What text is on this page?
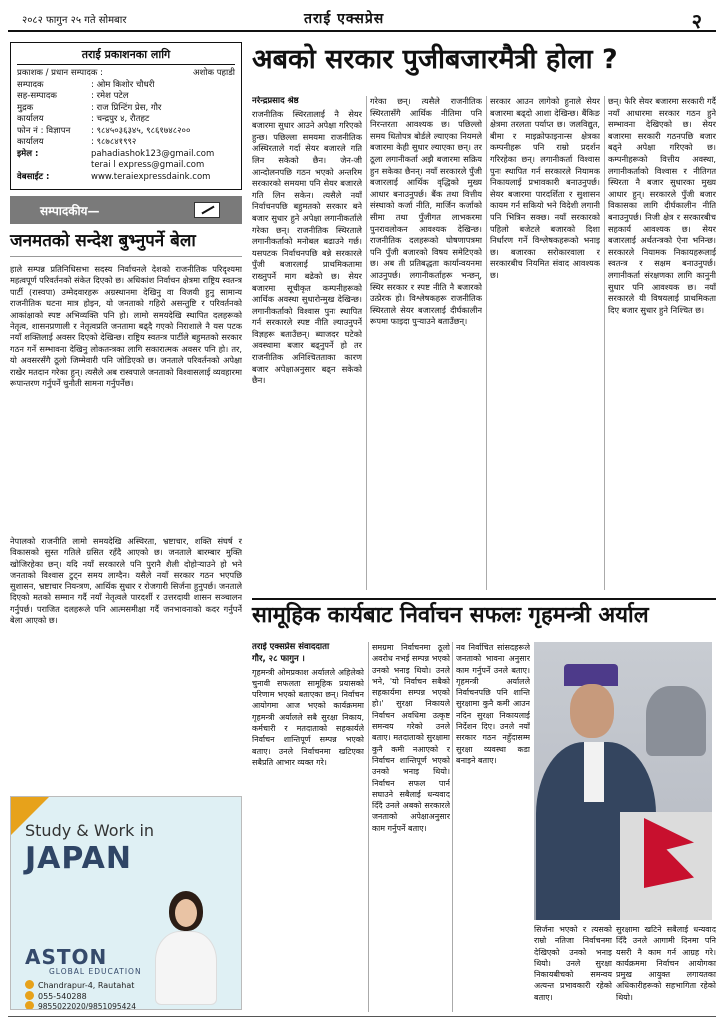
२०८२ फागुन २५ गते सोमबार	तराई एक्सप्रेस	२
तराई प्रकाशनका लागि
प्रकाशक / प्रधान सम्पादक :	अशोक पहाडी
सम्पादक	: ओम किशोर चौधरी
सह-सम्पादक	: रमेश पटेल
मुद्रक	: राज प्रिन्टिंग प्रेस, गौर
कार्यालय	: चन्द्रपुर ४, रौतहट
फोन नं : विज्ञापन	: ९८४५०३६३४५, ९८६१७४८२००
कार्यालय	: ९८७८४१९९२
इमेल :	pahadiashok123@gmail.com
terai l express@gmail.com
वेबसाईट :	www.teraiexpressdaink.com
सम्पादकीय—
जनमतको सन्देश बुभ्नुपर्ने बेला
हाले सम्पन्न प्रतिनिधिसभा सदस्य निर्वाचनले देशको राजनीतिक परिदृश्यमा महत्वपूर्ण परिवर्तनको संकेत दिएको छ। अधिकांश निर्वाचन क्षेत्रमा राष्ट्रिय स्वतन्त्र पार्टी (रास्वपा) उम्मेदवारहरू अग्रस्थानमा देखिनु वा विजयी हुनु सामान्य राजनीतिक घटना मात्र होइन, यो जनताको गहिरो असन्तुष्टि र परिवर्तनको आकांक्षाको स्पष्ट अभिव्यक्ति पनि हो। लामो समयदेखि स्थापित दलहरूको नेतृत्व, शासनप्रणाली र नेतृत्वप्रति जनतामा बढ्दै गएको निराशाले नै यस पटक नयाँ शक्तिलाई अवसर दिएको देखिन्छ। राष्ट्रिय स्वतन्त्र पार्टीले बहुमतको सरकार गठन गर्ने सम्भावना देखिनु लोकतन्त्रका लागि सकारात्मक अवसर पनि हो। तर, यो अवसरसँगै ठूलो जिम्मेवारी पनि जोडिएको छ। जनताले परिवर्तनको अपेक्षा राखेर मतदान गरेका हुन्। त्यसैले अब रास्वपाले जनताको विश्वासलाई व्यवहारमा रूपान्तरण गर्नुपर्ने चुनौती सामना गर्नुपर्नेछ।
नेपालको राजनीति लामो समयदेखि अस्थिरता, भ्रष्टाचार, शक्ति संघर्ष र विकासको सुस्त गतिले ग्रसित रहँदै आएको छ। जनताले बारम्बार मुक्ति खोजिरहेका छन्। यदि नयाँ सरकारले पनि पुरानै शैली दोहोर्‍याउने हो भने जनताको विश्वास टुट्न समय लाग्दैन। यसैले नयाँ सरकार गठन भएपछि सुशासन, भ्रष्टाचार नियन्त्रण, आर्थिक सुधार र रोजगारी सिर्जना हुनुपर्छ। जनताले दिएको मतको सम्मान गर्दै नयाँ नेतृत्वले पारदर्शी र उत्तरदायी शासन सञ्चालन गर्नुपर्छ। पराजित दलहरूले पनि आत्मसमीक्षा गर्दै जनभावनाको कदर गर्नुपर्ने बेला आएको छ।
Study & Work in
JAPAN
ASTON
GLOBAL EDUCATION
Chandrapur-4, Rautahat
055-540288
9855022020/9851095424
अबको सरकार पुजीबजारमैत्री होला ?
नरेन्द्रप्रसाद श्रेष्ठ
राजनीतिक स्थिरतालाई नै सेयर बजारमा सुधार आउने अपेक्षा गरिएको हुन्छ। पछिल्ला समयमा राजनीतिक अस्थिरताले गर्दा सेयर बजारले गति लिन सकेको छैन। जेन-जी आन्दोलनपछि गठन भएको अन्तरिम सरकारको समयमा पनि सेयर बजारले गति लिन सकेन। त्यसैले नयाँ निर्वाचनपछि बहुमतको सरकार बने बजार सुधार हुने अपेक्षा लगानीकर्ताले गरेका छन्। राजनीतिक स्थिरताले लगानीकर्ताको मनोबल बढाउने गर्छ। यसपटक निर्वाचनपछि बन्ने सरकारले पुँजी बजारलाई प्राथमिकतामा राख्नुपर्ने माग बढेको छ। सेयर बजारमा सूचीकृत कम्पनीहरूको आर्थिक अवस्था सुधारोन्मुख देखिन्छ। लगानीकर्ताको विश्वास पुनः स्थापित गर्न सरकारले स्पष्ट नीति ल्याउनुपर्ने विज्ञहरू बताउँछन्। ब्याजदर घटेको अवस्थामा बजार बढ्नुपर्ने हो तर राजनीतिक अनिश्चितताका कारण बजार अपेक्षाअनुसार बढ्न सकेको छैन।
गरेका छन्। त्यसैले राजनीतिक स्थिरतासँगै आर्थिक नीतिमा पनि निरन्तरता आवश्यक छ। पछिल्लो समय धितोपत्र बोर्डले ल्याएका नियमले बजारमा केही सुधार ल्याएका छन्। तर ठूला लगानीकर्ता अझै बजारमा सक्रिय हुन सकेका छैनन्। नयाँ सरकारले पुँजी बजारलाई आर्थिक वृद्धिको मुख्य आधार बनाउनुपर्छ। बैंक तथा वित्तीय संस्थाको कर्जा नीति, मार्जिन कर्जाको सीमा तथा पुँजीगत लाभकरमा पुनरावलोकन आवश्यक देखिन्छ। राजनीतिक दलहरूको घोषणापत्रमा पनि पुँजी बजारको विषय समेटिएको छ। अब ती प्रतिबद्धता कार्यान्वयनमा आउनुपर्छ। लगानीकर्ताहरू भन्छन्, स्थिर सरकार र स्पष्ट नीति नै बजारको उत्प्रेरक हो। विश्लेषकहरू राजनीतिक स्थिरताले सेयर बजारलाई दीर्घकालीन रूपमा फाइदा पुर्‍याउने बताउँछन्।
सरकार आउन लागेको हुनाले सेयर बजारमा बढ्दो आशा देखिन्छ। बैंकिङ क्षेत्रमा तरलता पर्याप्त छ। जलविद्युत, बीमा र माइक्रोफाइनान्स क्षेत्रका कम्पनीहरू पनि राम्रो प्रदर्शन गरिरहेका छन्। लगानीकर्ता विश्वास पुनः स्थापित गर्न सरकारले नियामक निकायलाई प्रभावकारी बनाउनुपर्छ। सेयर बजारमा पारदर्शिता र सुशासन कायम गर्न सकियो भने विदेशी लगानी पनि भित्रिन सक्छ। नयाँ सरकारको पहिलो बजेटले बजारको दिशा निर्धारण गर्ने विश्लेषकहरूको भनाइ छ। बजारका सरोकारवाला र सरकारबीच नियमित संवाद आवश्यक छ।
छन्। फेरि सेयर बजारमा सरकारी गर्दै नयाँ आधारमा सरकार गठन हुने सम्भावना देखिएको छ। सेयर बजारमा सरकारी गठनपछि बजार बढ्ने अपेक्षा गरिएको छ। कम्पनीहरूको वित्तीय अवस्था, लगानीकर्ताको विश्वास र नीतिगत स्थिरता नै बजार सुधारका मुख्य आधार हुन्। सरकारले पुँजी बजार विकासका लागि दीर्घकालीन नीति बनाउनुपर्छ। निजी क्षेत्र र सरकारबीच सहकार्य आवश्यक छ। सेयर बजारलाई अर्थतन्त्रको ऐना भनिन्छ। सरकारले नियामक निकायहरूलाई स्वतन्त्र र सक्षम बनाउनुपर्छ। लगानीकर्ता संरक्षणका लागि कानुनी सुधार पनि आवश्यक छ। नयाँ सरकारले यी विषयलाई प्राथमिकता दिए बजार सुधार हुने निश्चित छ।
सामूहिक कार्यबाट निर्वाचन सफलः गृहमन्त्री अर्याल
तराई एक्सप्रेस संवाददाता
गौर, २८ फागुन ।
गृहमन्त्री ओमप्रकाश अर्यालले अहिलेको चुनावी सफलता सामूहिक प्रयासको परिणाम भएको बताएका छन्। निर्वाचन आयोगमा आज भएको कार्यक्रममा गृहमन्त्री अर्यालले सबै सुरक्षा निकाय, कर्मचारी र मतदाताको सहकार्यले निर्वाचन शान्तिपूर्ण सम्पन्न भएको बताए। उनले निर्वाचनमा खटिएका सबैप्रति आभार व्यक्त गरे।
समग्रमा निर्वाचनमा ठूलो अवरोध नभई सम्पन्न भएको उनको भनाइ थियो। उनले भने, 'यो निर्वाचन सबैको सहकार्यमा सम्पन्न भएको हो।' सुरक्षा निकायले निर्वाचन अवधिमा उत्कृष्ट समन्वय गरेको उनले बताए। मतदाताको सुरक्षामा कुनै कमी नआएको र निर्वाचन शान्तिपूर्ण भएको उनको भनाइ थियो। निर्वाचन सफल पार्न सघाउने सबैलाई धन्यवाद दिँदै उनले अबको सरकारले जनताको अपेक्षाअनुसार काम गर्नुपर्ने बताए।
नव निर्वाचित सांसदहरूले जनताको भावना अनुसार काम गर्नुपर्ने उनले बताए। गृहमन्त्री अर्यालले निर्वाचनपछि पनि शान्ति सुरक्षामा कुनै कमी आउन नदिन सुरक्षा निकायलाई निर्देशन दिए। उनले नयाँ सरकार गठन नहुँदासम्म सुरक्षा व्यवस्था कडा बनाइने बताए।
सिर्जना भएको र त्यसको राम्रो नतिजा निर्वाचनमा देखिएको उनको भनाइ थियो। उनले सुरक्षा निकायबीचको समन्वय अत्यन्त प्रभावकारी रहेको बताए।
सुरक्षामा खटिने सबैलाई धन्यवाद दिँदै उनले आगामी दिनमा पनि यसरी नै काम गर्न आग्रह गरे। कार्यक्रममा निर्वाचन आयोगका प्रमुख आयुक्त लगायतका अधिकारीहरूको सहभागिता रहेको थियो।
